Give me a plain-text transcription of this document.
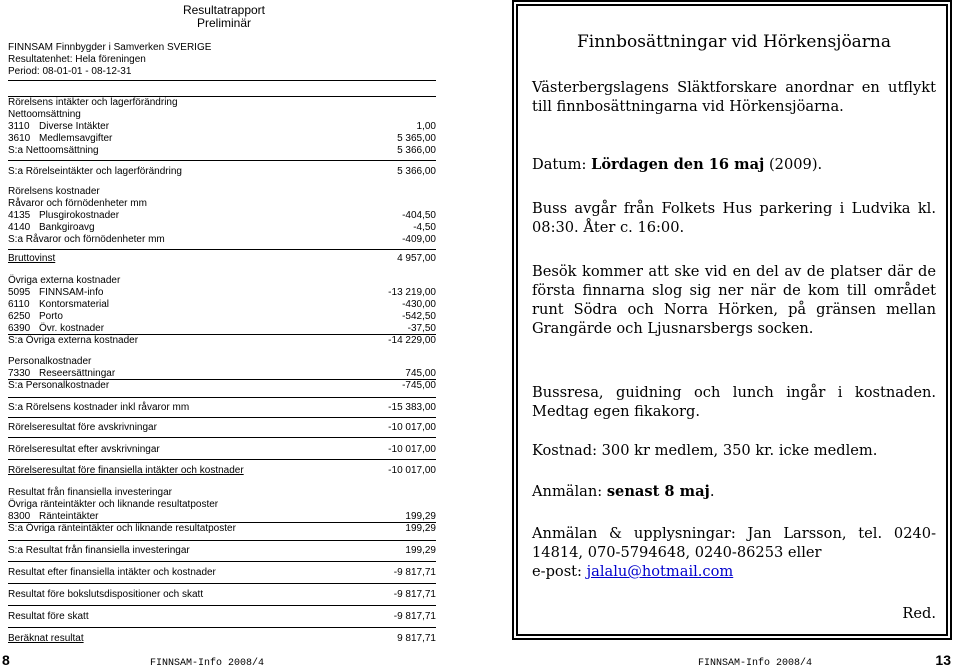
Resultatrapport
Preliminär
FINNSAM Finnbygder i Samverken SVERIGE
Resultatenhet: Hela föreningen
Period: 08-01-01 - 08-12-31
Rörelsens intäkter och lagerförändring
Nettoomsättning
3110 Diverse Intäkter	1,00
3610 Medlemsavgifter	5 365,00
S:a Nettoomsättning	5 366,00
S:a Rörelseintäkter och lagerförändring	5 366,00
Rörelsens kostnader
Råvaror och förnödenheter mm
4135 Plusgirokostnader	-404,50
4140 Bankgiroavg	-4,50
S:a Råvaror och förnödenheter mm	-409,00
Bruttovinst	4 957,00
Övriga externa kostnader
5095 FINNSAM-info	-13 219,00
6110 Kontorsmaterial	-430,00
6250 Porto	-542,50
6390 Övr. kostnader	-37,50
S:a Övriga externa kostnader	-14 229,00
Personalkostnader
7330 Reseersättningar	745,00
S:a Personalkostnader	-745,00
S:a Rörelsens kostnader inkl råvaror mm	-15 383,00
Rörelseresultat före avskrivningar	-10 017,00
Rörelseresultat efter avskrivningar	-10 017,00
Rörelseresultat före finansiella intäkter och kostnader	-10 017,00
Resultat från finansiella investeringar
Övriga ränteintäkter och liknande resultatposter
8300 Ränteintäkter	199,29
S:a Övriga ränteintäkter och liknande resultatposter	199,29
S:a Resultat från finansiella investeringar	199,29
Resultat efter finansiella intäkter och kostnader	-9 817,71
Resultat före bokslutsdispositioner och skatt	-9 817,71
Resultat före skatt	-9 817,71
Beräknat resultat	9 817,71
Finnbosättningar vid Hörkensjöarna
Västerbergslagens Släktforskare anordnar en utflykt till finnbosättningarna vid Hörkensjöarna.
Datum: Lördagen den 16 maj (2009).
Buss avgår från Folkets Hus parkering i Ludvika kl. 08:30. Åter c. 16:00.
Besök kommer att ske vid en del av de platser där de första finnarna slog sig ner när de kom till området runt Södra och Norra Hörken, på gränsen mellan Grangärde och Ljusnarsbergs socken.
Bussresa, guidning och lunch ingår i kostnaden. Medtag egen fikakorg.
Kostnad: 300 kr medlem, 350 kr. icke medlem.
Anmälan: senast 8 maj.
Anmälan & upplysningar: Jan Larsson, tel. 0240-14814, 070-5794648, 0240-86253 eller
e-post: jalalu@hotmail.com
Red.
8	FINNSAM-Info 2008/4	FINNSAM-Info 2008/4	13
